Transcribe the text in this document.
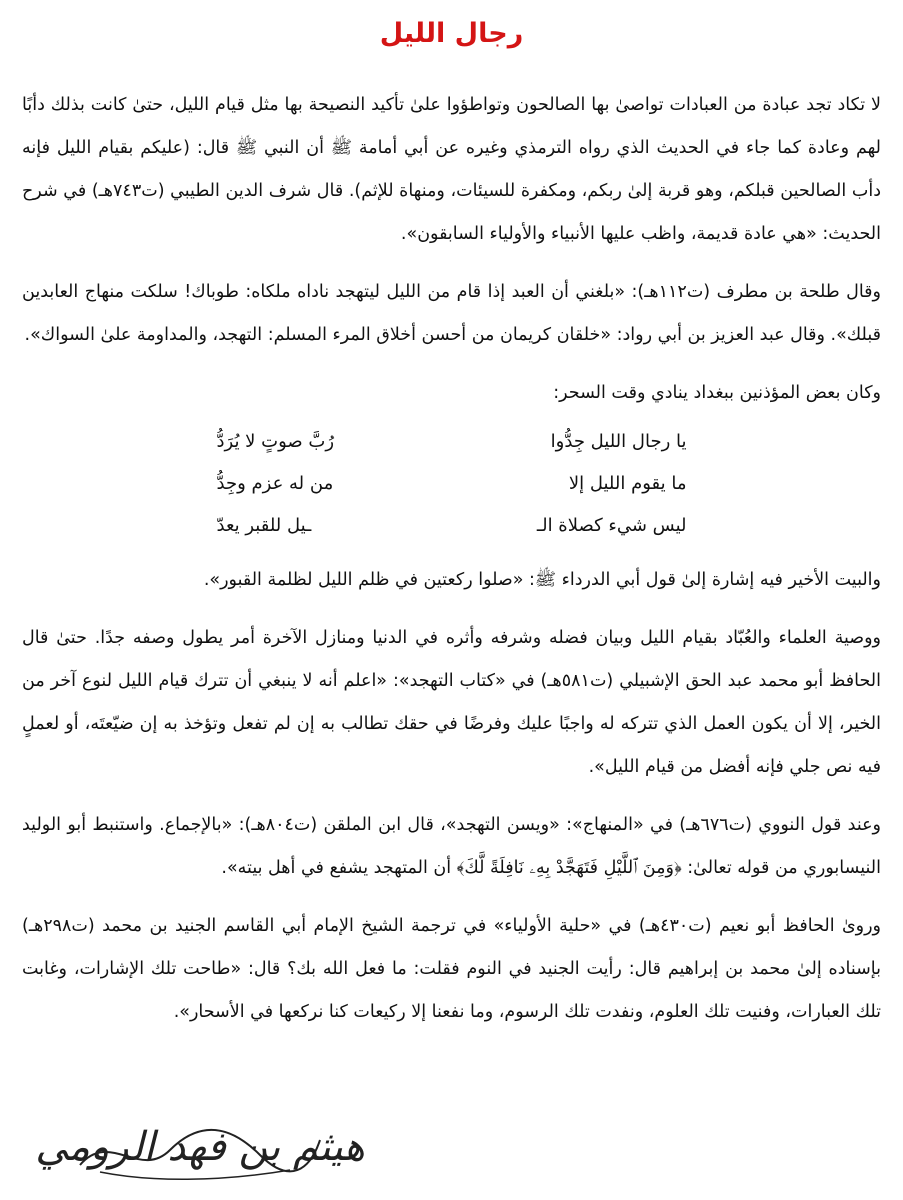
رجال الليل

لا تكاد تجد عبادة من العبادات تواصىٰ بها الصالحون وتواطؤوا علىٰ تأكيد النصيحة بها مثل قيام الليل، حتىٰ كانت بذلك دأبًا لهم وعادة كما جاء في الحديث الذي رواه الترمذي وغيره عن أبي أمامة ﷺ أن النبي ﷺ قال: (عليكم بقيام الليل فإنه دأب الصالحين قبلكم، وهو قربة إلىٰ ربكم، ومكفرة للسيئات، ومنهاة للإثم). قال شرف الدين الطيبي (ت٧٤٣هـ) في شرح الحديث: «هي عادة قديمة، واظب عليها الأنبياء والأولياء السابقون».

وقال طلحة بن مطرف (ت١١٢هـ): «بلغني أن العبد إذا قام من الليل ليتهجد ناداه ملكاه: طوباك! سلكت منهاج العابدين قبلك». وقال عبد العزيز بن أبي رواد: «خلقان كريمان من أحسن أخلاق المرء المسلم: التهجد، والمداومة علىٰ السواك».

وكان بعض المؤذنين ببغداد ينادي وقت السحر:

يا رجال الليل جِدُّوا
رُبَّ صوتٍ لا يُرَدُّ
ما يقوم الليل إلا
من له عزم وجِدُّ
ليس شيء كصلاة الـ
ـيل للقبر يعدّ

والبيت الأخير فيه إشارة إلىٰ قول أبي الدرداء ﷺ: «صلوا ركعتين في ظلم الليل لظلمة القبور».

ووصية العلماء والعُبّاد بقيام الليل وبيان فضله وشرفه وأثره في الدنيا ومنازل الآخرة أمر يطول وصفه جدًا. حتىٰ قال الحافظ أبو محمد عبد الحق الإشبيلي (ت٥٨١هـ) في «كتاب التهجد»: «اعلم أنه لا ينبغي أن تترك قيام الليل لنوع آخر من الخير، إلا أن يكون العمل الذي تتركه له واجبًا عليك وفرضًا في حقك تطالب به إن لم تفعل وتؤخذ به إن ضيّعتَه، أو لعملٍ فيه نص جلي فإنه أفضل من قيام الليل».

وعند قول النووي (ت٦٧٦هـ) في «المنهاج»: «ويسن التهجد»، قال ابن الملقن (ت٨٠٤هـ): «بالإجماع. واستنبط أبو الوليد النيسابوري من قوله تعالىٰ: ﴿وَمِنَ ٱللَّيْلِ فَتَهَجَّدْ بِهِۦ نَافِلَةً لَّكَ﴾ أن المتهجد يشفع في أهل بيته».

وروىٰ الحافظ أبو نعيم (ت٤٣٠هـ) في «حلية الأولياء» في ترجمة الشيخ الإمام أبي القاسم الجنيد بن محمد (ت٢٩٨هـ) بإسناده إلىٰ محمد بن إبراهيم قال: رأيت الجنيد في النوم فقلت: ما فعل الله بك؟ قال: «طاحت تلك الإشارات، وغابت تلك العبارات، وفنيت تلك العلوم، ونفدت تلك الرسوم، وما نفعنا إلا ركيعات كنا نركعها في الأسحار».

هيثم بن فهد الرومي
